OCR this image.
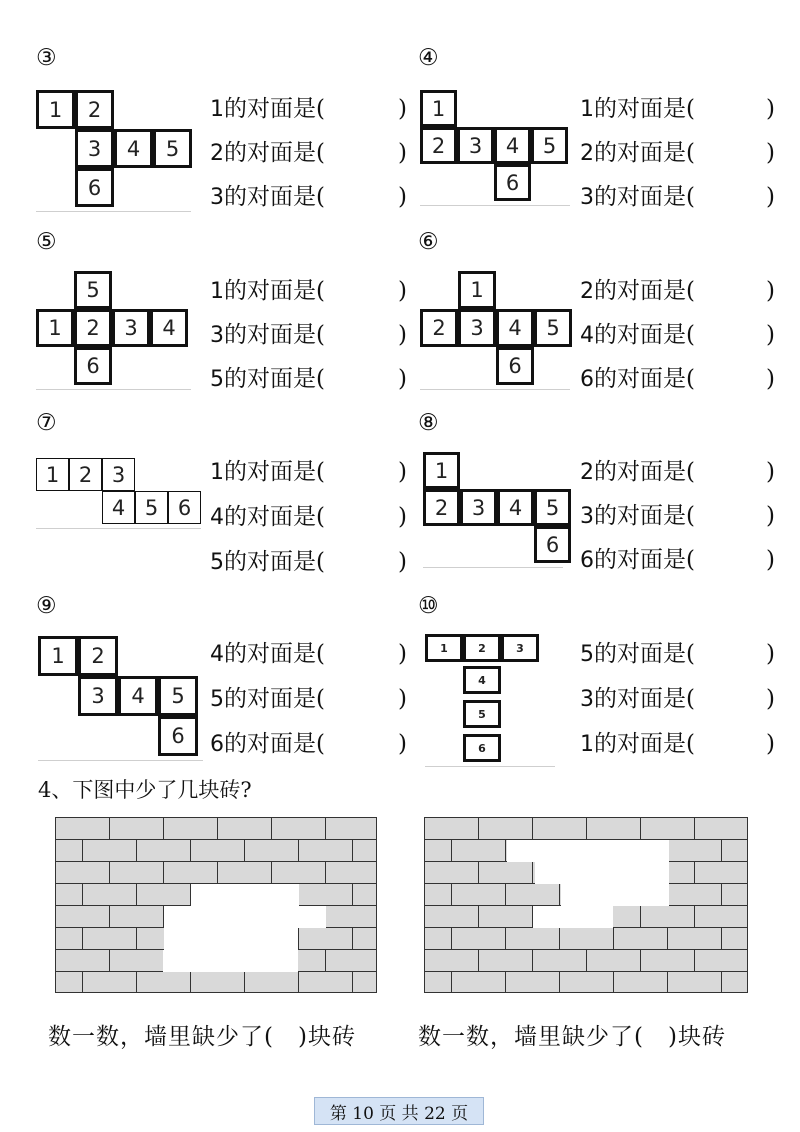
③
1	2
3	4	5
6
1的对面是(	)
2的对面是(	)
3的对面是(	)
④
1
2	3	4	5
6
1的对面是(	)
2的对面是(	)
3的对面是(	)
⑤
5
1	2	3	4
6
1的对面是(	)
3的对面是(	)
5的对面是(	)
⑥
1
2	3	4	5
6
2的对面是(	)
4的对面是(	)
6的对面是(	)
⑦
1 2 3
4 5 6
1的对面是(	)
4的对面是(	)
5的对面是(	)
⑧
1
2	3	4	5
6
2的对面是(	)
3的对面是(	)
6的对面是(	)
⑨
1	2
3	4	5
6
4的对面是(	)
5的对面是(	)
6的对面是(	)
⑩
1	2	3
4
5
6
5的对面是(	)
3的对面是(	)
1的对面是(	)
4、下图中少了几块砖?
数一数，墙里缺少了(　)块砖	数一数，墙里缺少了(　)块砖
第 10 页 共 22 页
